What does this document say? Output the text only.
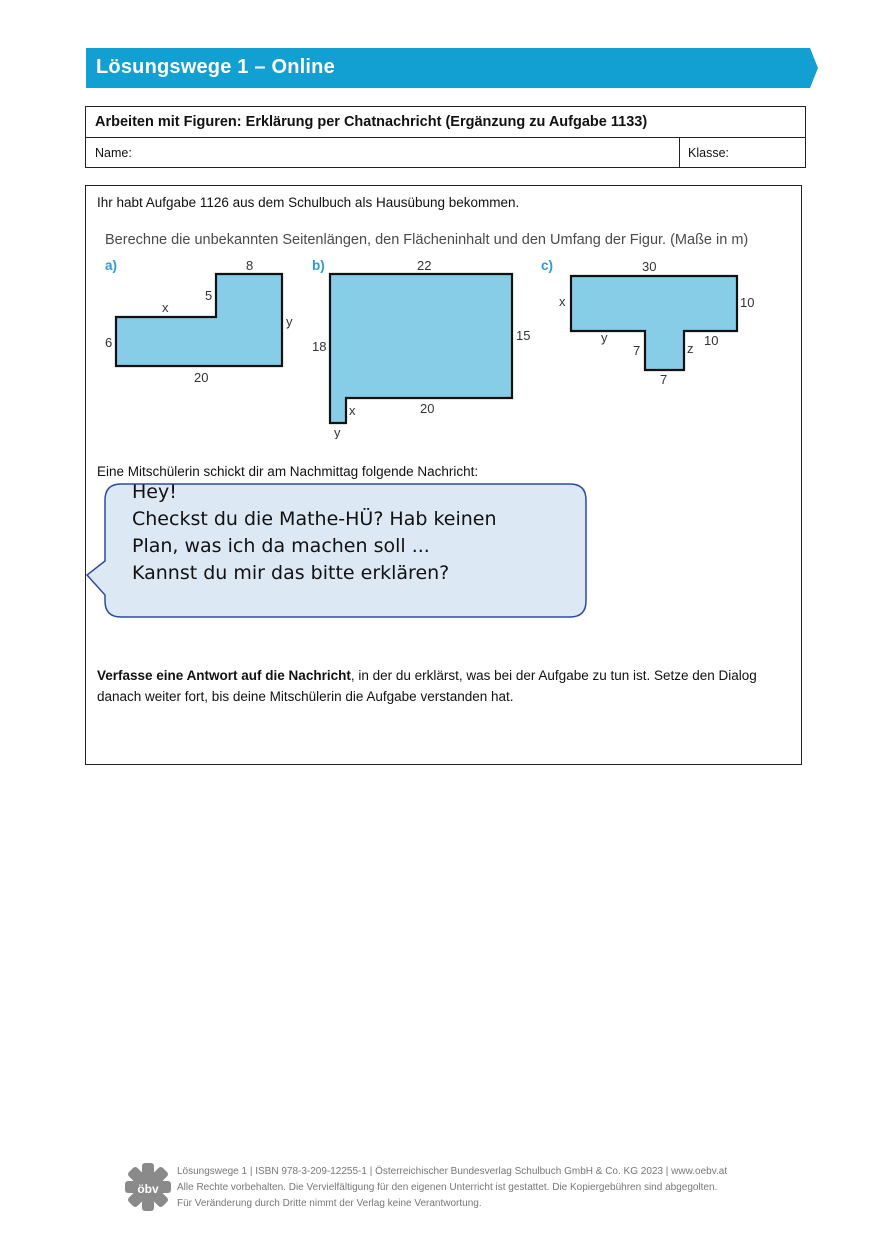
Lösungswege 1 – Online
Arbeiten mit Figuren: Erklärung per Chatnachricht (Ergänzung zu Aufgabe 1133)
Name:	Klasse:
Ihr habt Aufgabe 1126 aus dem Schulbuch als Hausübung bekommen.
Berechne die unbekannten Seitenlängen, den Flächeninhalt und den Umfang der Figur. (Maße in m)
a)	8
5
x
y
6
20
b)	22
15
18
20
x
y
c)	30
x	10
y	10
7	z
7
Eine Mitschülerin schickt dir am Nachmittag folgende Nachricht:
Hey!
Checkst du die Mathe-HÜ? Hab keinen
Plan, was ich da machen soll ...
Kannst du mir das bitte erklären?
Verfasse eine Antwort auf die Nachricht, in der du erklärst, was bei der Aufgabe zu tun ist. Setze den Dialog danach weiter fort, bis deine Mitschülerin die Aufgabe verstanden hat.
öbv
Lösungswege 1 | ISBN 978-3-209-12255-1 | Österreichischer Bundesverlag Schulbuch GmbH & Co. KG 2023 | www.oebv.at
Alle Rechte vorbehalten. Die Vervielfältigung für den eigenen Unterricht ist gestattet. Die Kopiergebühren sind abgegolten.
Für Veränderung durch Dritte nimmt der Verlag keine Verantwortung.
